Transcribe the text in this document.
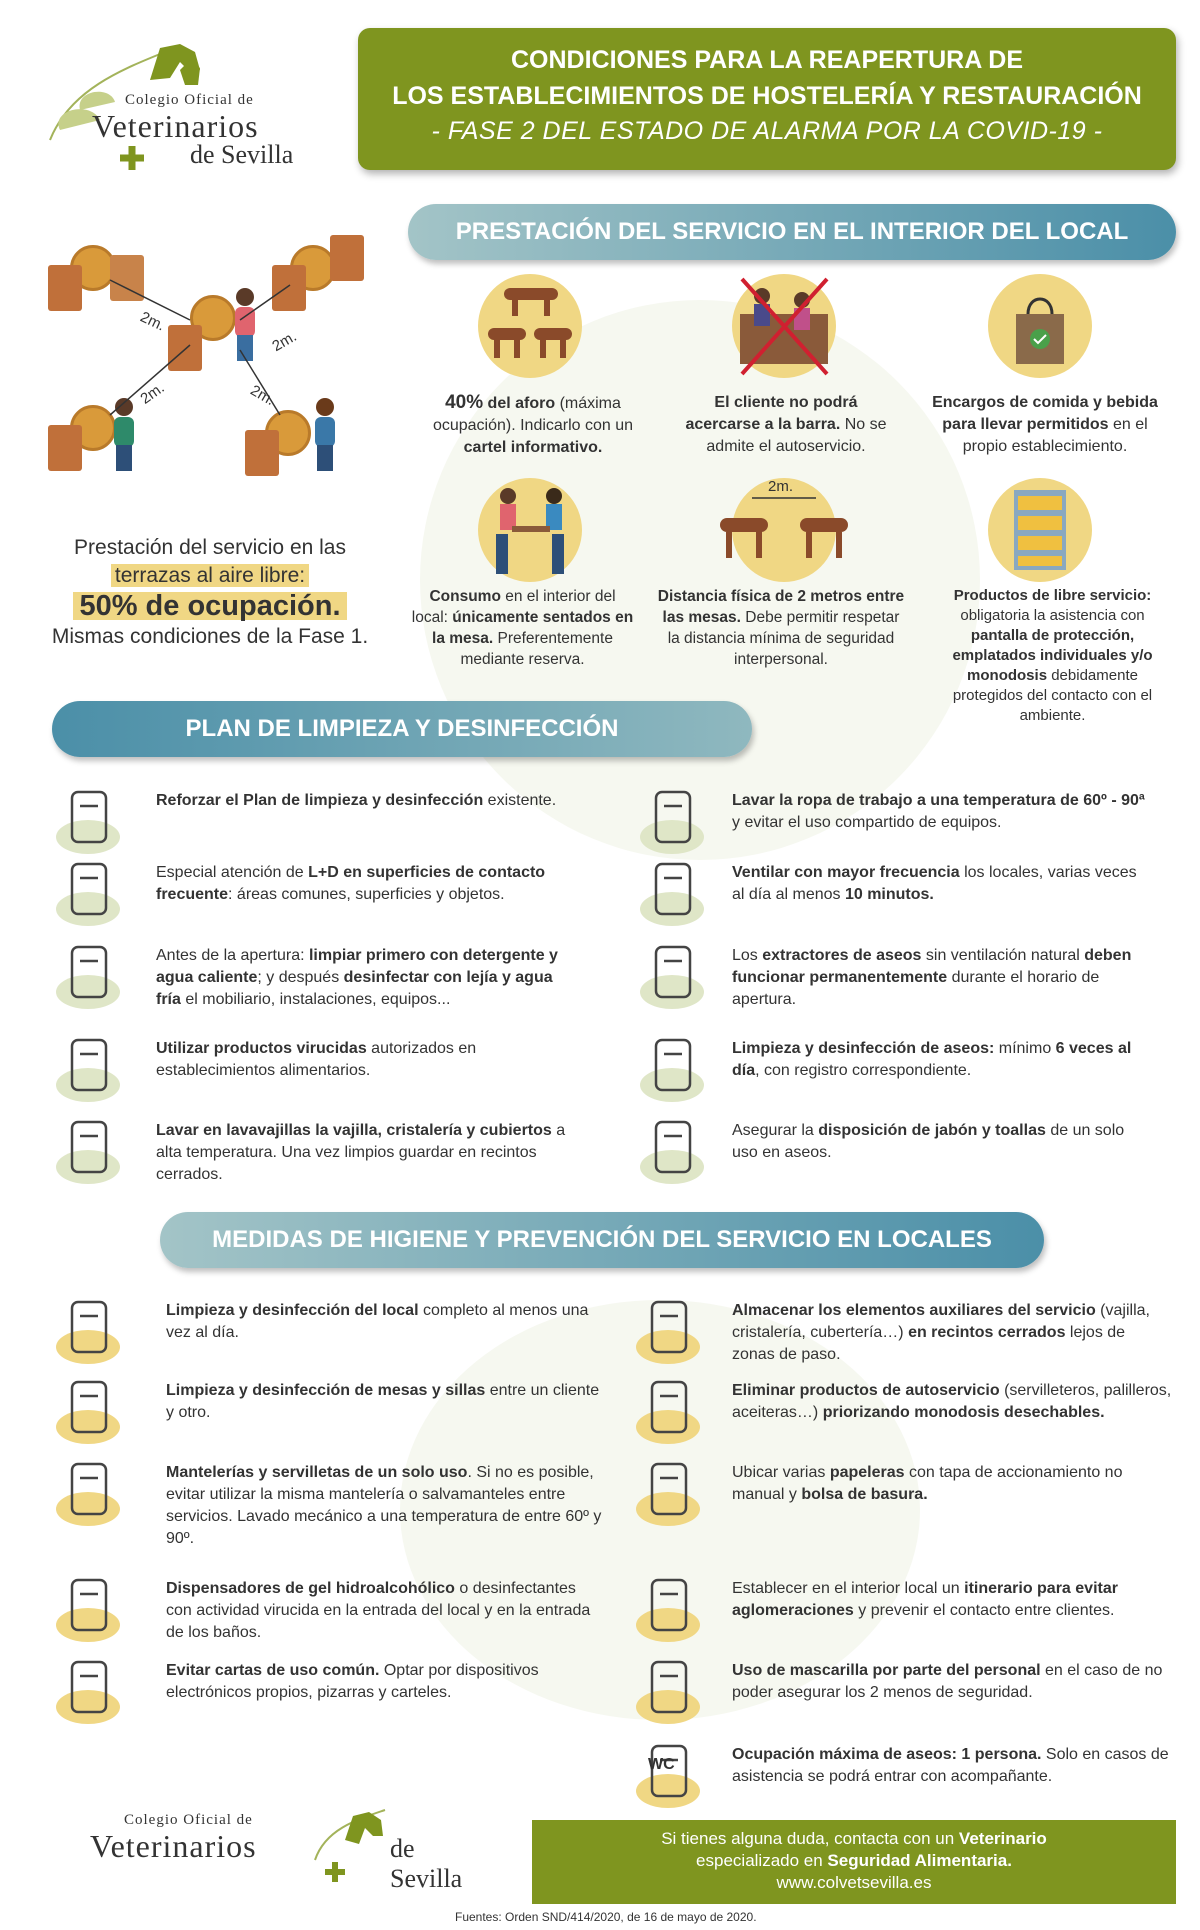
Colegio Oficial de
Veterinarios
de Sevilla
CONDICIONES PARA LA REAPERTURA DE
LOS ESTABLECIMIENTOS DE HOSTELERÍA Y RESTAURACIÓN
- FASE 2 DEL ESTADO DE ALARMA POR LA COVID-19 -
2m.
2m.
2m.	2m.
Prestación del servicio en las
terrazas al aire libre:
50% de ocupación.
Mismas condiciones de la Fase 1.
PRESTACIÓN DEL SERVICIO EN EL INTERIOR DEL LOCAL
40% del aforo (máxima ocupación). Indicarlo con un cartel informativo.
El cliente no podrá acercarse a la barra. No se admite el autoservicio.
Encargos de comida y bebida para llevar permitidos en el propio establecimiento.
2m.
Consumo en el interior del local: únicamente sentados en la mesa. Preferentemente mediante reserva.
Distancia física de 2 metros entre las mesas. Debe permitir respetar la distancia mínima de seguridad interpersonal.
Productos de libre servicio: obligatoria la asistencia con pantalla de protección, emplatados individuales y/o monodosis debidamente protegidos del contacto con el ambiente.
PLAN DE LIMPIEZA Y DESINFECCIÓN
Reforzar el Plan de limpieza y desinfección existente.
Especial atención de L+D en superficies de contacto frecuente: áreas comunes, superficies y objetos.
Antes de la apertura: limpiar primero con detergente y agua caliente; y después desinfectar con lejía y agua fría el mobiliario, instalaciones, equipos...
Utilizar productos virucidas autorizados en establecimientos alimentarios.
Lavar en lavavajillas la vajilla, cristalería y cubiertos a alta temperatura. Una vez limpios guardar en recintos cerrados.
Lavar la ropa de trabajo a una temperatura de 60º - 90ª y evitar el uso compartido de equipos.
Ventilar con mayor frecuencia los locales, varias veces al día al menos 10 minutos.
Los extractores de aseos sin ventilación natural deben funcionar permanentemente durante el horario de apertura.
Limpieza y desinfección de aseos: mínimo 6 veces al día, con registro correspondiente.
Asegurar la disposición de jabón y toallas de un solo uso en aseos.
MEDIDAS DE HIGIENE Y PREVENCIÓN DEL SERVICIO EN LOCALES
Limpieza y desinfección del local completo al menos una vez al día.
Limpieza y desinfección de mesas y sillas entre un cliente y otro.
Mantelerías y servilletas de un solo uso. Si no es posible, evitar utilizar la misma mantelería o salvamanteles entre servicios. Lavado mecánico a una temperatura de entre 60º y 90º.
Dispensadores de gel hidroalcohólico o desinfectantes con actividad virucida en la entrada del local y en la entrada de los baños.
Evitar cartas de uso común. Optar por dispositivos electrónicos propios, pizarras y carteles.
Almacenar los elementos auxiliares del servicio (vajilla, cristalería, cubertería…) en recintos cerrados lejos de zonas de paso.
Eliminar productos de autoservicio (servilleteros, palilleros, aceiteras…) priorizando monodosis desechables.
Ubicar varias papeleras con tapa de accionamiento no manual y bolsa de basura.
Establecer en el interior local un itinerario para evitar aglomeraciones y prevenir el contacto entre clientes.
Uso de mascarilla por parte del personal en el caso de no poder asegurar los 2 menos de seguridad.
WC
Ocupación máxima de aseos: 1 persona. Solo en casos de asistencia se podrá entrar con acompañante.
Colegio Oficial de
Veterinarios	de Sevilla
Si tienes alguna duda, contacta con un Veterinario
especializado en Seguridad Alimentaria.
www.colvetsevilla.es
Fuentes: Orden SND/414/2020, de 16 de mayo de 2020.
